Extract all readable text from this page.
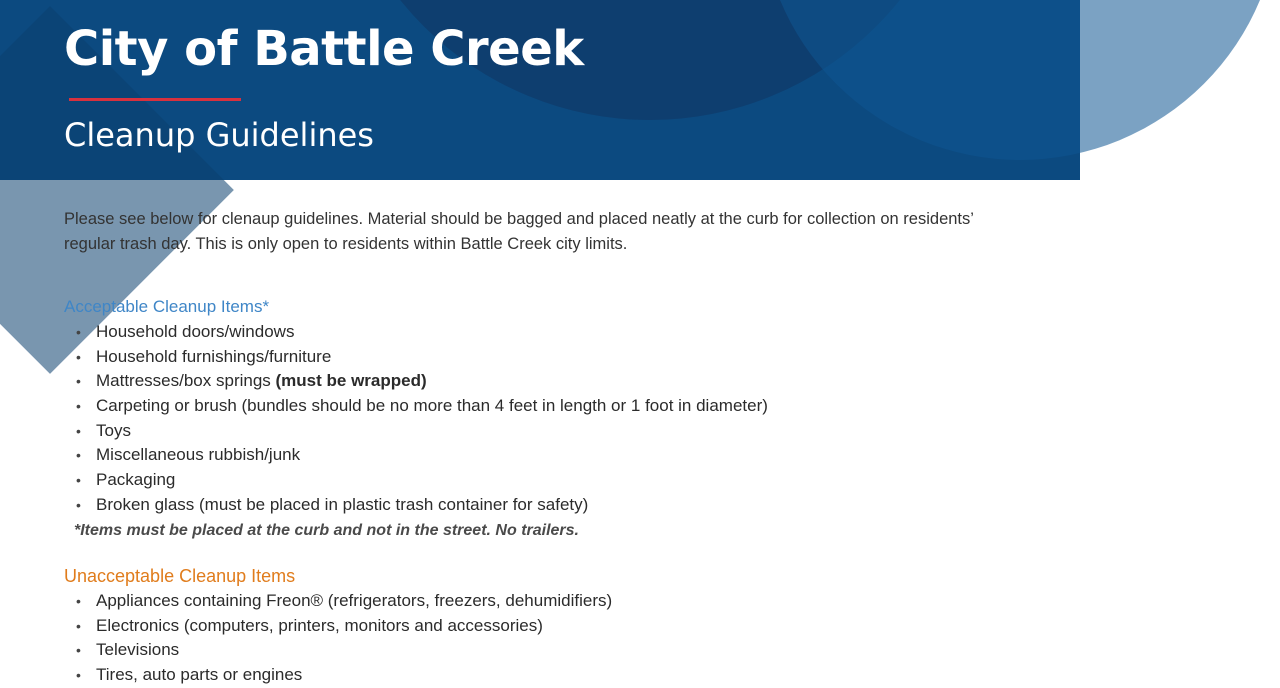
City of Battle Creek
Cleanup Guidelines

Please see below for clenaup guidelines. Material should be bagged and placed neatly at the curb for collection on residents’ regular trash day. This is only open to residents within Battle Creek city limits.

Acceptable Cleanup Items*
• Household doors/windows
• Household furnishings/furniture
• Mattresses/box springs (must be wrapped)
• Carpeting or brush (bundles should be no more than 4 feet in length or 1 foot in diameter)
• Toys
• Miscellaneous rubbish/junk
• Packaging
• Broken glass (must be placed in plastic trash container for safety)

*Items must be placed at the curb and not in the street. No trailers.

Unacceptable Cleanup Items
• Appliances containing Freon® (refrigerators, freezers, dehumidifiers)
• Electronics (computers, printers, monitors and accessories)
• Televisions
• Tires, auto parts or engines
